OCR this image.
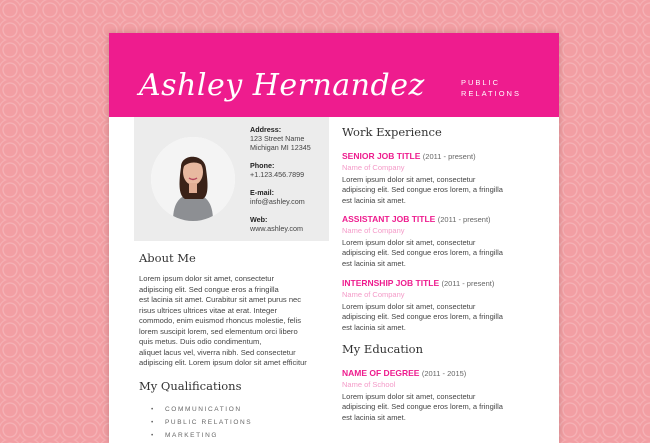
Ashley Hernandez	PUBLIC
RELATIONS
Address:
123 Street Name
Michigan MI 12345
Phone:
+1.123.456.7899
E-mail:
info@ashley.com
Web:
www.ashley.com
About Me
Lorem ipsum dolor sit amet, consectetur
adipiscing elit. Sed congue eros a fringilla
est lacinia sit amet. Curabitur sit amet purus nec
risus ultrices ultrices vitae at erat. Integer
commodo, enim euismod rhoncus molestie, felis
lorem suscipit lorem, sed elementum orci libero
quis metus. Duis odio condimentum,
aliquet lacus vel, viverra nibh. Sed consectetur
adipiscing elit. Lorem ipsum dolor sit amet efficitur
My Qualifications
• COMMUNICATION
• PUBLIC RELATIONS
• MARKETING
Work Experience
SENIOR JOB TITLE (2011 - present)
Name of Company
Lorem ipsum dolor sit amet, consectetur
adipiscing elit. Sed congue eros lorem, a fringilla
est lacinia sit amet.
ASSISTANT JOB TITLE (2011 - present)
Name of Company
Lorem ipsum dolor sit amet, consectetur
adipiscing elit. Sed congue eros lorem, a fringilla
est lacinia sit amet.
INTERNSHIP JOB TITLE (2011 - present)
Name of Company
Lorem ipsum dolor sit amet, consectetur
adipiscing elit. Sed congue eros lorem, a fringilla
est lacinia sit amet.
My Education
NAME OF DEGREE (2011 - 2015)
Name of School
Lorem ipsum dolor sit amet, consectetur
adipiscing elit. Sed congue eros lorem, a fringilla
est lacinia sit amet.
